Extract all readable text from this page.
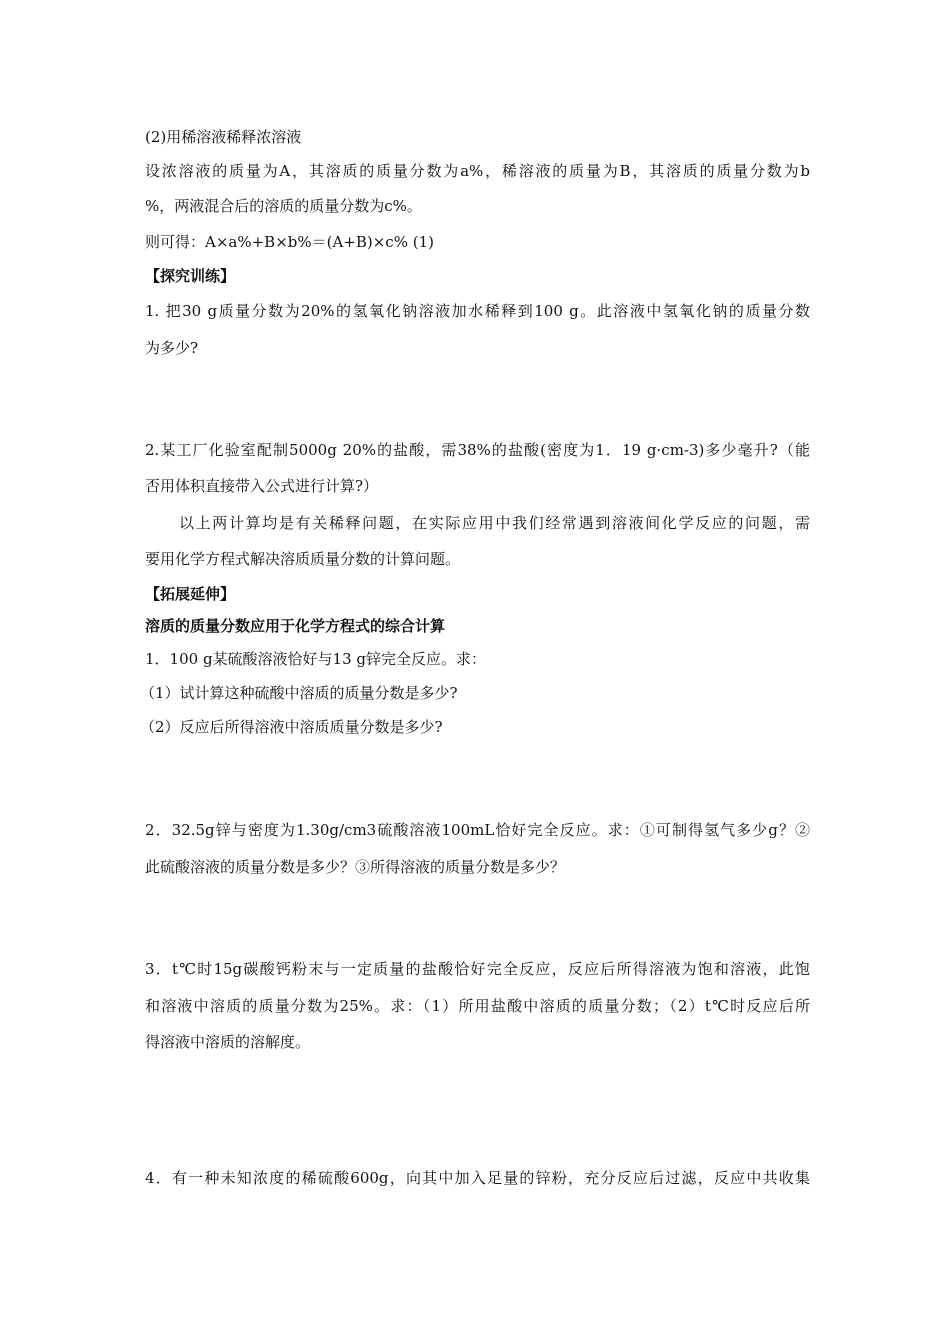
(2)用稀溶液稀释浓溶液
设浓溶液的质量为A，其溶质的质量分数为a%，稀溶液的质量为B，其溶质的质量分数为b
%，两液混合后的溶质的质量分数为c%。
则可得：A×a%+B×b%＝(A+B)×c% (1)
【探究训练】
1. 把30 g质量分数为20%的氢氧化钠溶液加水稀释到100 g。此溶液中氢氧化钠的质量分数
为多少?
2.某工厂化验室配制5000g 20%的盐酸，需38%的盐酸(密度为1．19 g·cm-3)多少毫升?（能
否用体积直接带入公式进行计算?）
以上两计算均是有关稀释问题，在实际应用中我们经常遇到溶液间化学反应的问题，需
要用化学方程式解决溶质质量分数的计算问题。
【拓展延伸】
溶质的质量分数应用于化学方程式的综合计算
1．100 g某硫酸溶液恰好与13 g锌完全反应。求：
（1）试计算这种硫酸中溶质的质量分数是多少?
（2）反应后所得溶液中溶质质量分数是多少?
2．32.5g锌与密度为1.30g/cm3硫酸溶液100mL恰好完全反应。求：①可制得氢气多少g？②
此硫酸溶液的质量分数是多少？③所得溶液的质量分数是多少？
3．t℃时15g碳酸钙粉末与一定质量的盐酸恰好完全反应，反应后所得溶液为饱和溶液，此饱
和溶液中溶质的质量分数为25%。求：（1）所用盐酸中溶质的质量分数；（2）t℃时反应后所
得溶液中溶质的溶解度。
4．有一种未知浓度的稀硫酸600g，向其中加入足量的锌粉，充分反应后过滤，反应中共收集
